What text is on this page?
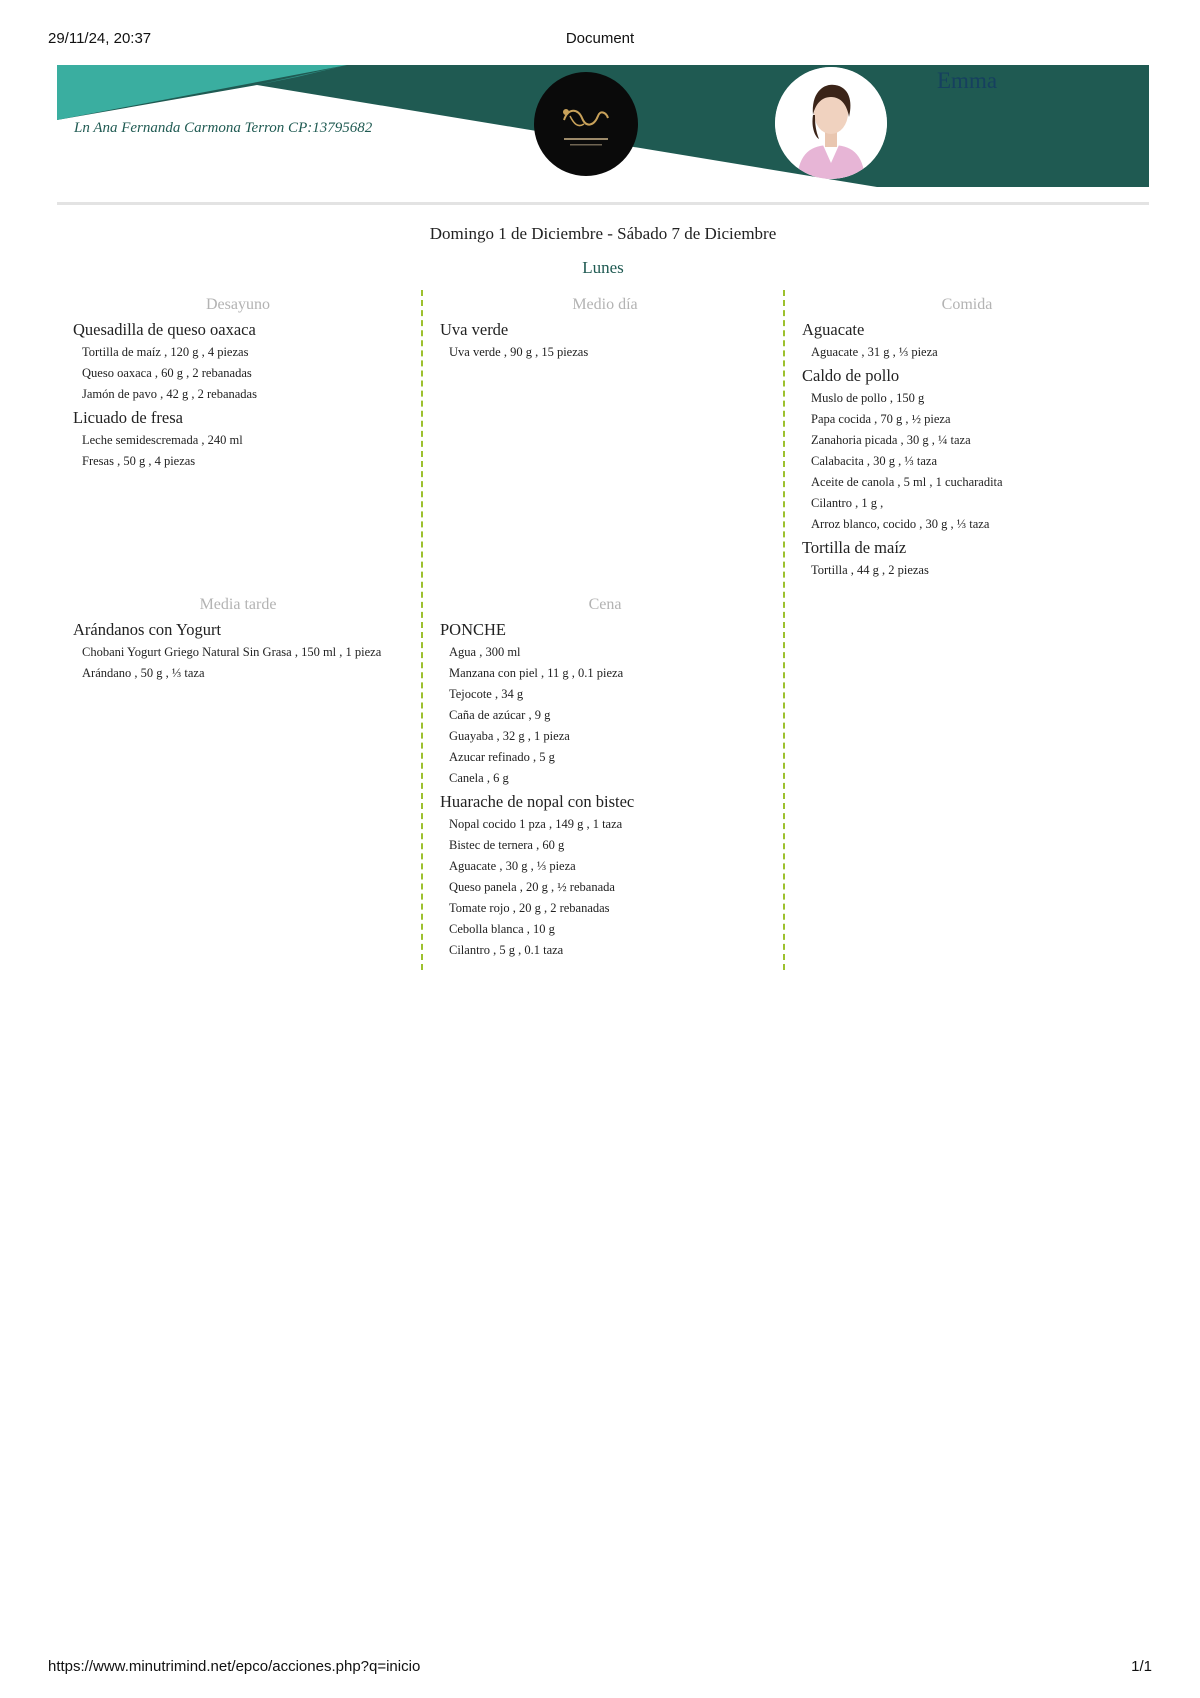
29/11/24, 20:37	Document
Ln Ana Fernanda Carmona Terron CP:13795682
Emma
Domingo 1 de Diciembre - Sábado 7 de Diciembre
Lunes
Desayuno
Quesadilla de queso oaxaca
Tortilla de maíz , 120 g , 4 piezas
Queso oaxaca , 60 g , 2 rebanadas
Jamón de pavo , 42 g , 2 rebanadas
Licuado de fresa
Leche semidescremada , 240 ml
Fresas , 50 g , 4 piezas
Medio día
Uva verde
Uva verde , 90 g , 15 piezas
Comida
Aguacate
Aguacate , 31 g , ⅓ pieza
Caldo de pollo
Muslo de pollo , 150 g
Papa cocida , 70 g , ½ pieza
Zanahoria picada , 30 g , ¼ taza
Calabacita , 30 g , ⅓ taza
Aceite de canola , 5 ml , 1 cucharadita
Cilantro , 1 g ,
Arroz blanco, cocido , 30 g , ⅓ taza
Tortilla de maíz
Tortilla , 44 g , 2 piezas
Media tarde
Arándanos con Yogurt
Chobani Yogurt Griego Natural Sin Grasa , 150 ml , 1 pieza
Arándano , 50 g , ⅓ taza
Cena
PONCHE
Agua , 300 ml
Manzana con piel , 11 g , 0.1 pieza
Tejocote , 34 g
Caña de azúcar , 9 g
Guayaba , 32 g , 1 pieza
Azucar refinado , 5 g
Canela , 6 g
Huarache de nopal con bistec
Nopal cocido 1 pza , 149 g , 1 taza
Bistec de ternera , 60 g
Aguacate , 30 g , ⅓ pieza
Queso panela , 20 g , ½ rebanada
Tomate rojo , 20 g , 2 rebanadas
Cebolla blanca , 10 g
Cilantro , 5 g , 0.1 taza
https://www.minutrimind.net/epco/acciones.php?q=inicio	1/1
